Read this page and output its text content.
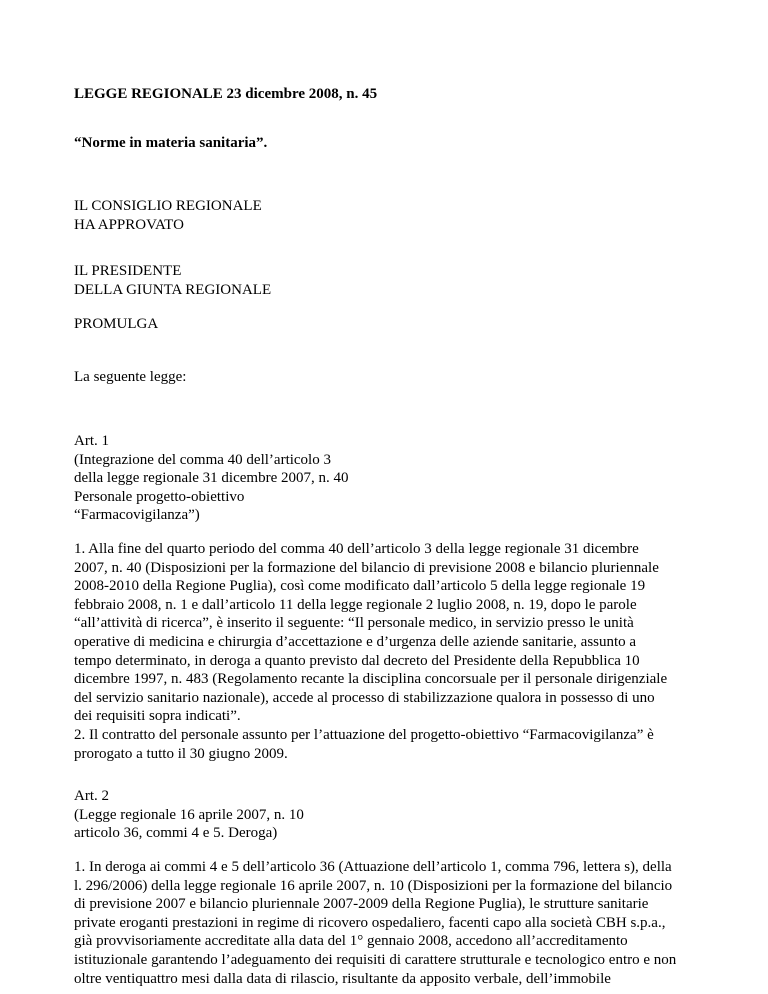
LEGGE REGIONALE 23 dicembre 2008, n. 45

“Norme in materia sanitaria”.

IL CONSIGLIO REGIONALE
HA APPROVATO

IL PRESIDENTE
DELLA GIUNTA REGIONALE

PROMULGA

La seguente legge:

Art. 1
(Integrazione del comma 40 dell’articolo 3
della legge regionale 31 dicembre 2007, n. 40
Personale progetto-obiettivo
“Farmacovigilanza”)

1. Alla fine del quarto periodo del comma 40 dell’articolo 3 della legge regionale 31 dicembre
2007, n. 40 (Disposizioni per la formazione del bilancio di previsione 2008 e bilancio pluriennale
2008-2010 della Regione Puglia), così come modificato dall’articolo 5 della legge regionale 19
febbraio 2008, n. 1 e dall’articolo 11 della legge regionale 2 luglio 2008, n. 19, dopo le parole
“all’attività di ricerca”, è inserito il seguente: “Il personale medico, in servizio presso le unità
operative di medicina e chirurgia d’accettazione e d’urgenza delle aziende sanitarie, assunto a
tempo determinato, in deroga a quanto previsto dal decreto del Presidente della Repubblica 10
dicembre 1997, n. 483 (Regolamento recante la disciplina concorsuale per il personale dirigenziale
del servizio sanitario nazionale), accede al processo di stabilizzazione qualora in possesso di uno
dei requisiti sopra indicati”.
2. Il contratto del personale assunto per l’attuazione del progetto-obiettivo “Farmacovigilanza” è
prorogato a tutto il 30 giugno 2009.

Art. 2
(Legge regionale 16 aprile 2007, n. 10
articolo 36, commi 4 e 5. Deroga)

1. In deroga ai commi 4 e 5 dell’articolo 36 (Attuazione dell’articolo 1, comma 796, lettera s), della
l. 296/2006) della legge regionale 16 aprile 2007, n. 10 (Disposizioni per la formazione del bilancio
di previsione 2007 e bilancio pluriennale 2007-2009 della Regione Puglia), le strutture sanitarie
private eroganti prestazioni in regime di ricovero ospedaliero, facenti capo alla società CBH s.p.a.,
già provvisoriamente accreditate alla data del 1° gennaio 2008, accedono all’accreditamento
istituzionale garantendo l’adeguamento dei requisiti di carattere strutturale e tecnologico entro e non
oltre ventiquattro mesi dalla data di rilascio, risultante da apposito verbale, dell’immobile
